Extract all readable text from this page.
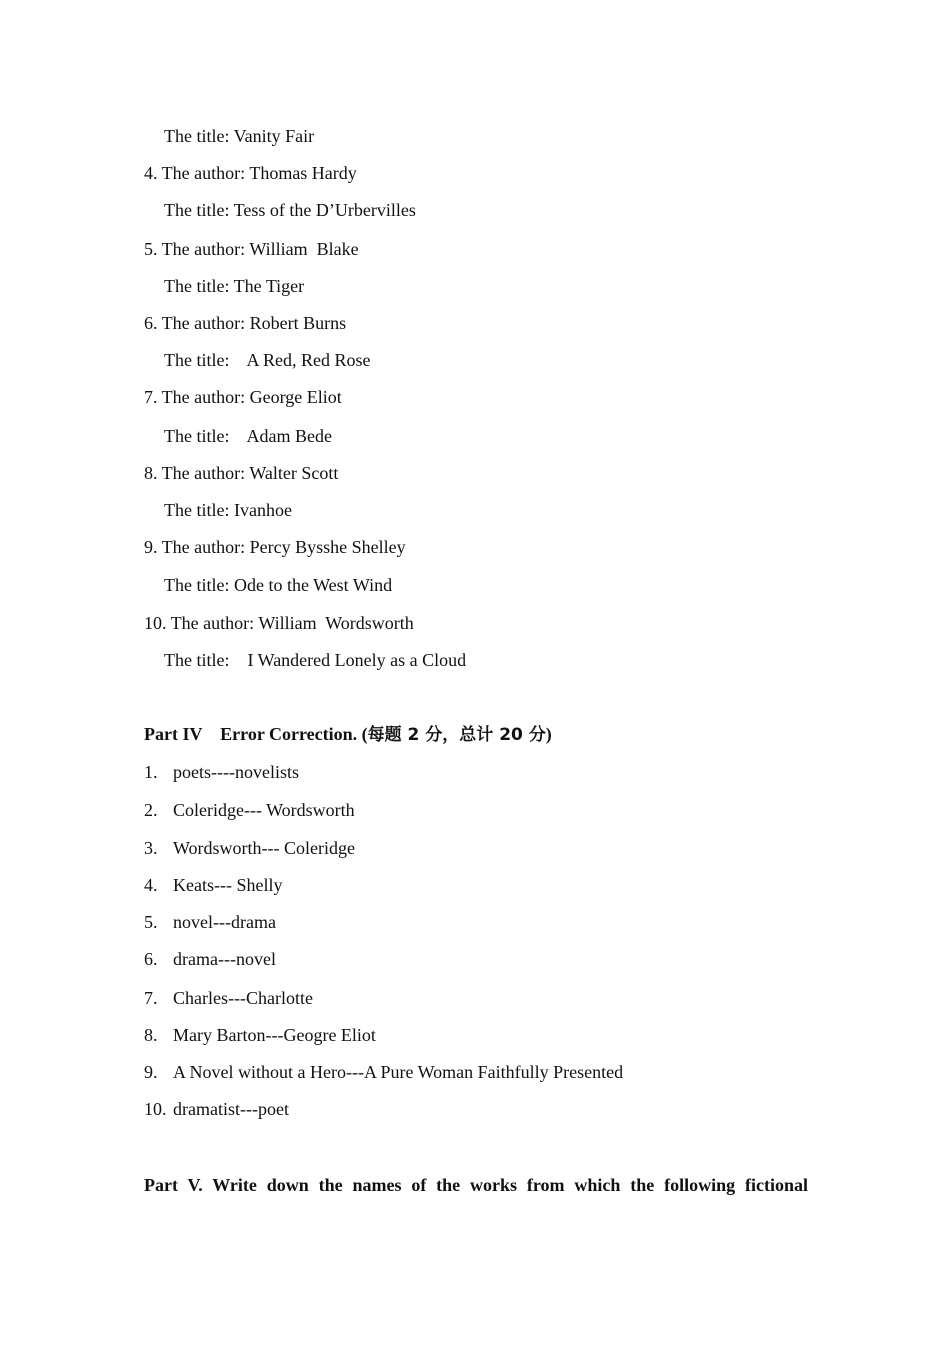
The title: Vanity Fair
4. The author: Thomas Hardy
The title: Tess of the D’Urbervilles
5. The author: William  Blake
The title: The Tiger
6. The author: Robert Burns
The title:    A Red, Red Rose
7. The author: George Eliot
The title:    Adam Bede
8. The author: Walter Scott
The title: Ivanhoe
9. The author: Percy Bysshe Shelley
The title: Ode to the West Wind
10. The author: William  Wordsworth
The title:    I Wandered Lonely as a Cloud
Part IV    Error Correction. (每题 2 分，总计 20 分)
1. poets----novelists
2. Coleridge--- Wordsworth
3. Wordsworth--- Coleridge
4. Keats--- Shelly
5. novel---drama
6. drama---novel
7. Charles---Charlotte
8. Mary Barton---Geogre Eliot
9. A Novel without a Hero---A Pure Woman Faithfully Presented
10. dramatist---poet
Part V. Write down the names of the works from which the following fictional
